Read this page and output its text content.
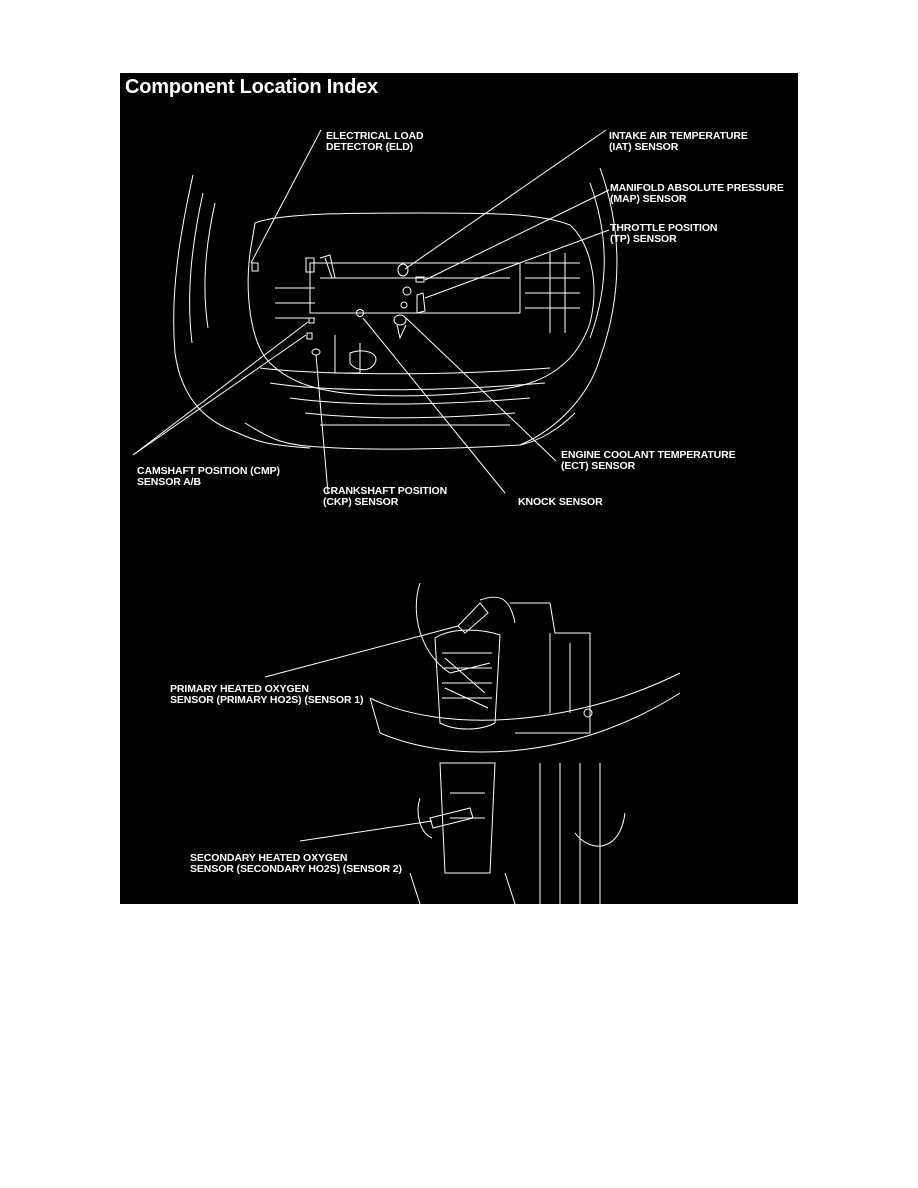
Component Location Index
ELECTRICAL LOAD
DETECTOR (ELD)
INTAKE AIR TEMPERATURE
(IAT) SENSOR
MANIFOLD ABSOLUTE PRESSURE
(MAP) SENSOR
THROTTLE POSITION
(TP) SENSOR
ENGINE COOLANT TEMPERATURE
(ECT) SENSOR
CAMSHAFT POSITION (CMP)
SENSOR A/B
CRANKSHAFT POSITION
(CKP) SENSOR	KNOCK SENSOR
PRIMARY HEATED OXYGEN
SENSOR (PRIMARY HO2S) (SENSOR 1)
SECONDARY HEATED OXYGEN
SENSOR (SECONDARY HO2S) (SENSOR 2)
